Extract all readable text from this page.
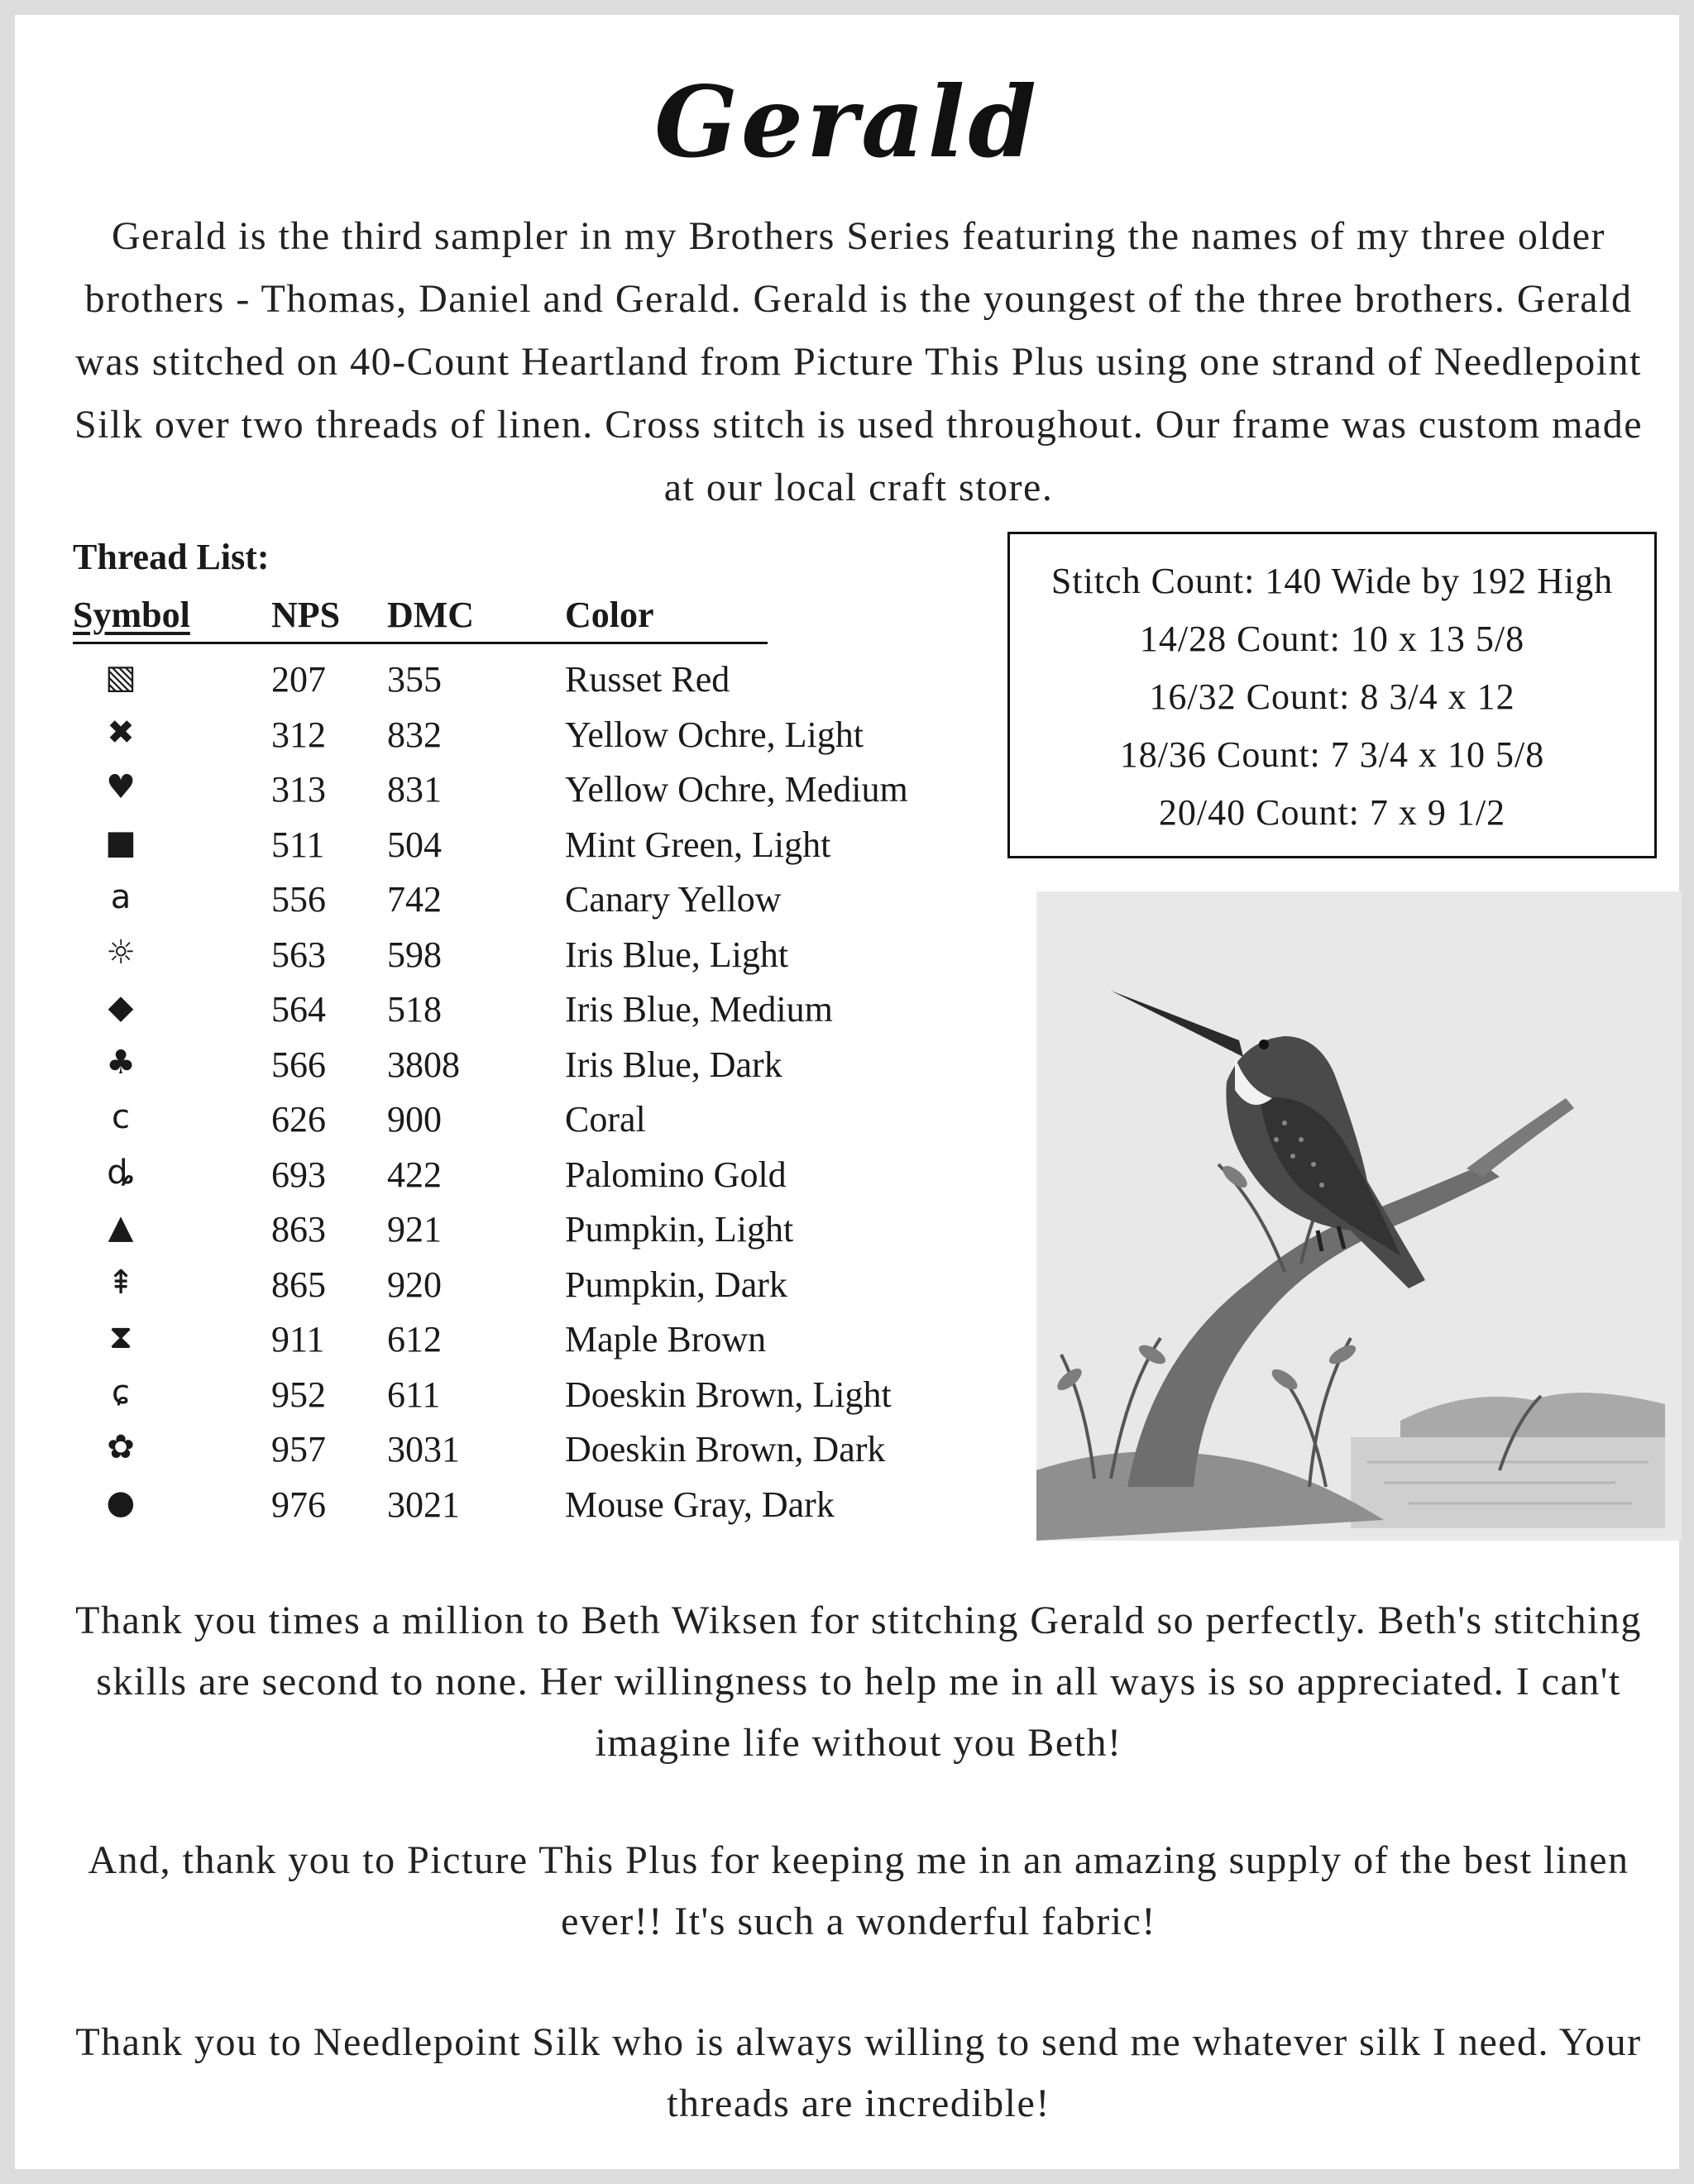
Gerald
Gerald is the third sampler in my Brothers Series featuring the names of my three older brothers - Thomas, Daniel and Gerald. Gerald is the youngest of the three brothers. Gerald was stitched on 40-Count Heartland from Picture This Plus using one strand of Needlepoint Silk over two threads of linen. Cross stitch is used throughout. Our frame was custom made at our local craft store.
Thread List:
Symbol NPS DMC Color
▧	207 355	Russet Red
✖	312 832	Yellow Ochre, Light
♥	313 831	Yellow Ochre, Medium
■	511 504	Mint Green, Light
a	556 742	Canary Yellow
☼	563 598	Iris Blue, Light
◆	564 518	Iris Blue, Medium
♣	566 3808	Iris Blue, Dark
c	626 900	Coral
ȡ	693 422	Palomino Gold
▲	863 921	Pumpkin, Light
⇞	865 920	Pumpkin, Dark
⧗	911 612	Maple Brown
ɕ	952 611	Doeskin Brown, Light
✿	957 3031	Doeskin Brown, Dark
●	976 3021	Mouse Gray, Dark
Stitch Count: 140 Wide by 192 High
14/28 Count: 10 x 13 5/8
16/32 Count: 8 3/4 x 12
18/36 Count: 7 3/4 x 10 5/8
20/40 Count: 7 x 9 1/2
Thank you times a million to Beth Wiksen for stitching Gerald so perfectly. Beth's stitching skills are second to none. Her willingness to help me in all ways is so appreciated. I can't imagine life without you Beth!
And, thank you to Picture This Plus for keeping me in an amazing supply of the best linen ever!! It's such a wonderful fabric!
Thank you to Needlepoint Silk who is always willing to send me whatever silk I need. Your threads are incredible!
